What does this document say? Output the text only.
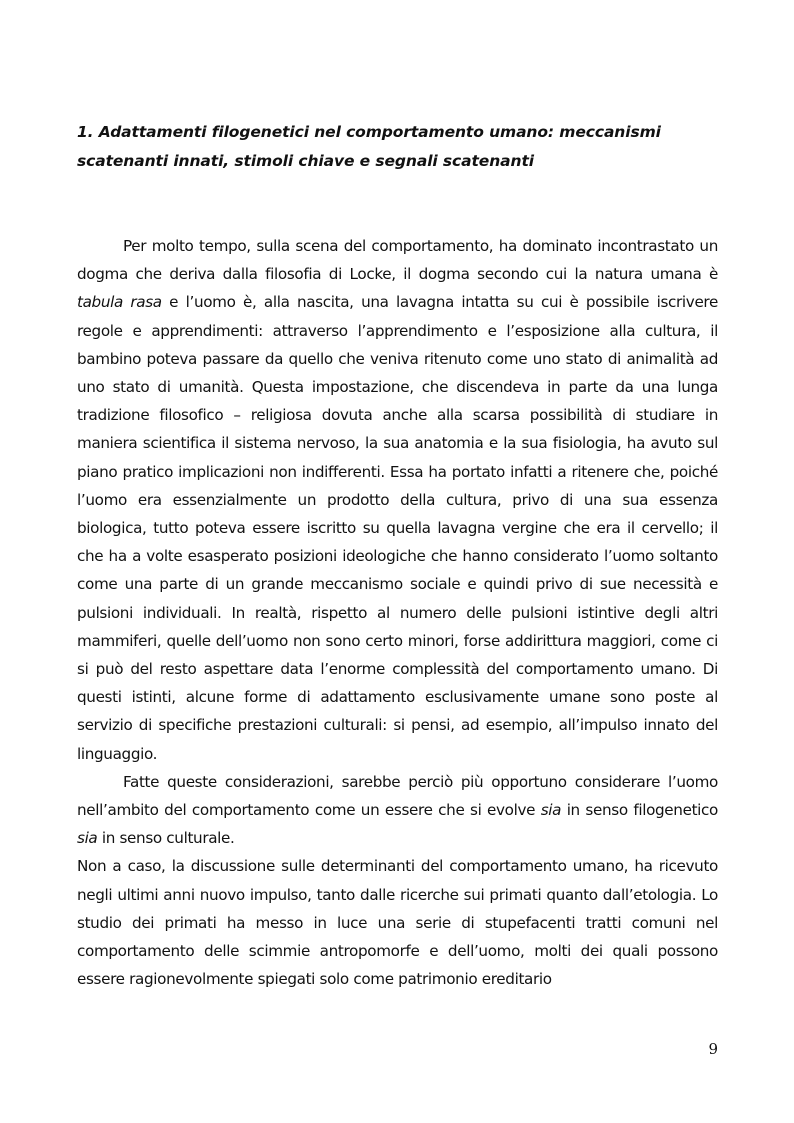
1. Adattamenti filogenetici nel comportamento umano: meccanismi
scatenanti innati, stimoli chiave e segnali scatenanti

Per molto tempo, sulla scena del comportamento, ha dominato incontrastato un dogma che deriva dalla filosofia di Locke, il dogma secondo cui la natura umana è tabula rasa e l’uomo è, alla nascita, una lavagna intatta su cui è possibile iscrivere regole e apprendimenti: attraverso l’apprendimento e l’esposizione alla cultura, il bambino poteva passare da quello che veniva ritenuto come uno stato di animalità ad uno stato di umanità. Questa impostazione, che discendeva in parte da una lunga tradizione filosofico – religiosa dovuta anche alla scarsa possibilità di studiare in maniera scientifica il sistema nervoso, la sua anatomia e la sua fisiologia, ha avuto sul piano pratico implicazioni non indifferenti. Essa ha portato infatti a ritenere che, poiché l’uomo era essenzialmente un prodotto della cultura, privo di una sua essenza biologica, tutto poteva essere iscritto su quella lavagna vergine che era il cervello; il che ha a volte esasperato posizioni ideologiche che hanno considerato l’uomo soltanto come una parte di un grande meccanismo sociale e quindi privo di sue necessità e pulsioni individuali. In realtà, rispetto al numero delle pulsioni istintive degli altri mammiferi, quelle dell’uomo non sono certo minori, forse addirittura maggiori, come ci si può del resto aspettare data l’enorme complessità del comportamento umano. Di questi istinti, alcune forme di adattamento esclusivamente umane sono poste al servizio di specifiche prestazioni culturali: si pensi, ad esempio, all’impulso innato del linguaggio.

Fatte queste considerazioni, sarebbe perciò più opportuno considerare l’uomo nell’ambito del comportamento come un essere che si evolve sia in senso filogenetico sia in senso culturale.

Non a caso, la discussione sulle determinanti del comportamento umano, ha ricevuto negli ultimi anni nuovo impulso, tanto dalle ricerche sui primati quanto dall’etologia. Lo studio dei primati ha messo in luce una serie di stupefacenti tratti comuni nel comportamento delle scimmie antropomorfe e dell’uomo, molti dei quali possono essere ragionevolmente spiegati solo come patrimonio ereditario

9
